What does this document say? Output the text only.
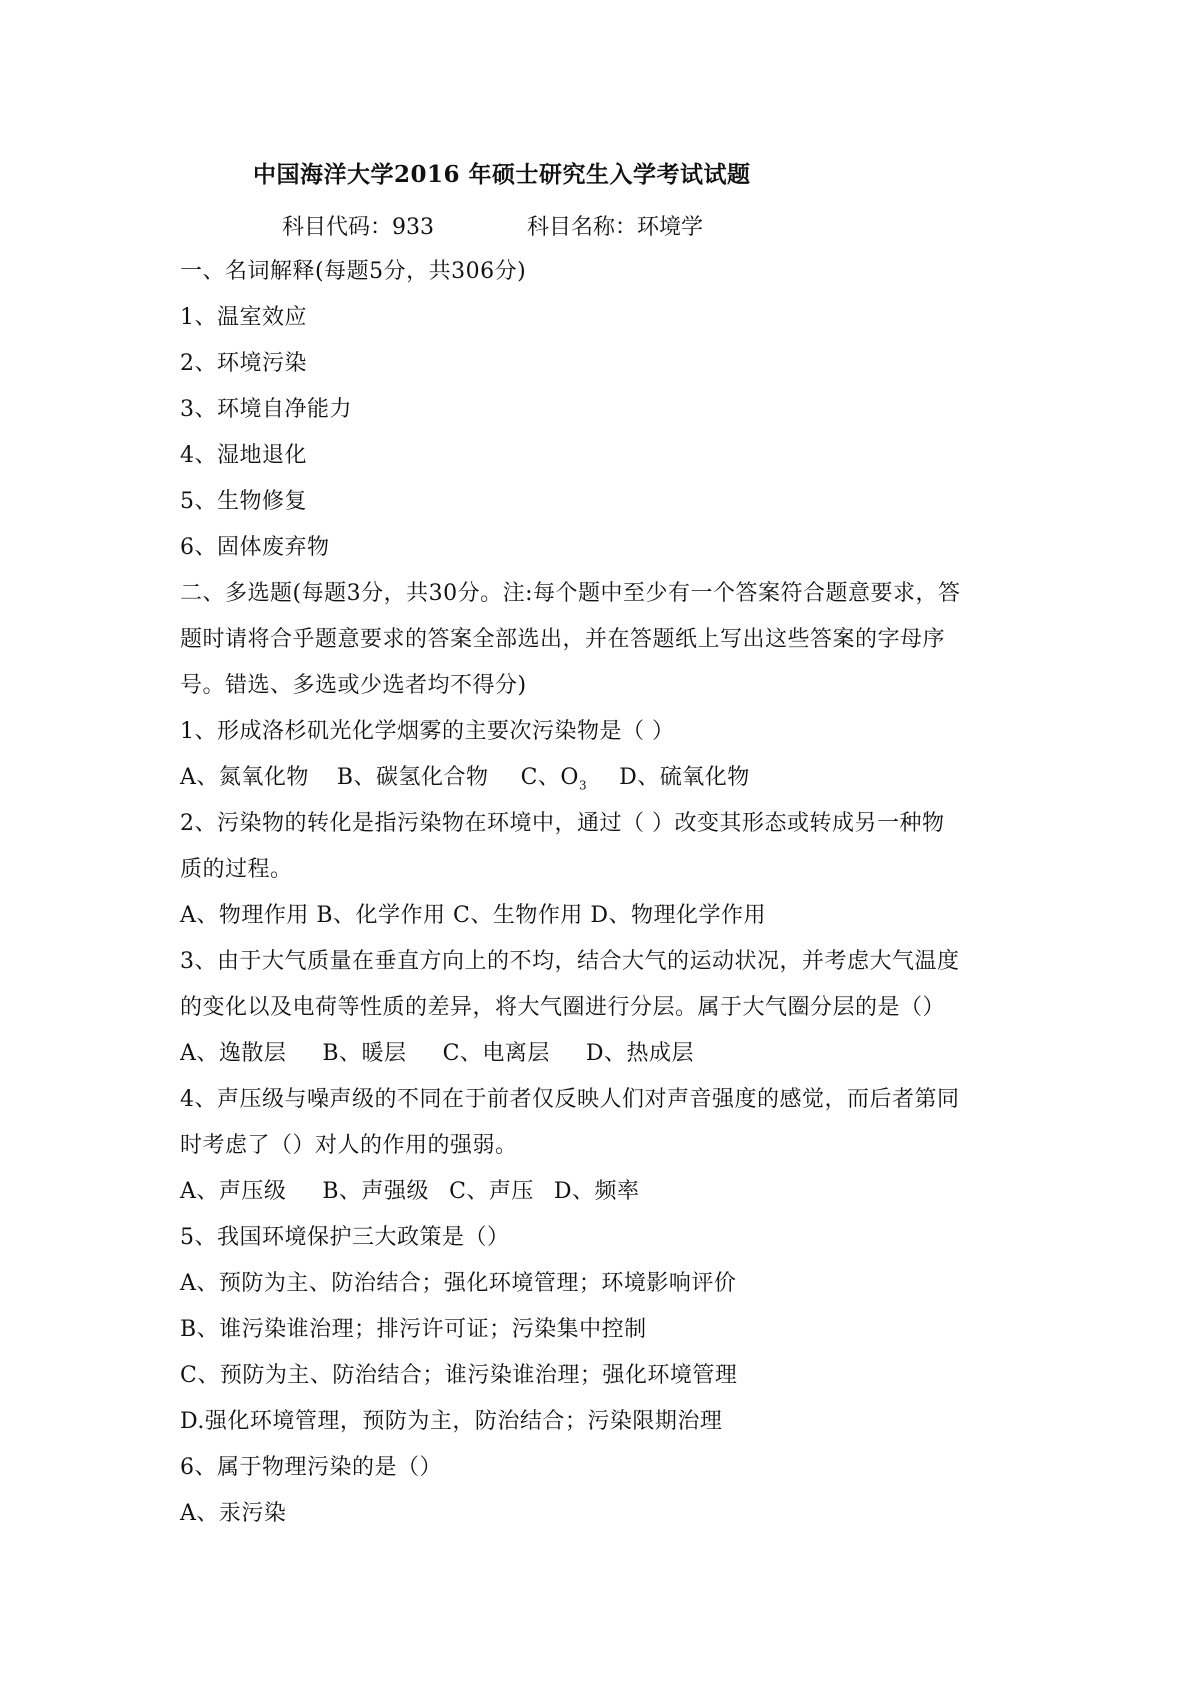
中国海洋大学2016 年硕士研究生入学考试试题
科目代码：933	科目名称：环境学
一、名词解释(每题5分，共306分)
1、温室效应
2、环境污染
3、环境自净能力
4、湿地退化
5、生物修复
6、固体废弃物
二、多选题(每题3分，共30分。注:每个题中至少有一个答案符合题意要求，答
题时请将合乎题意要求的答案全部选出，并在答题纸上写出这些答案的字母序
号。错选、多选或少选者均不得分)
1、形成洛杉矶光化学烟雾的主要次污染物是（ ）
A、氮氧化物 B、碳氢化合物 C、$O_3$ D、硫氧化物
2、污染物的转化是指污染物在环境中，通过（ ）改变其形态或转成另一种物
质的过程。
A、物理作用 B、化学作用 C、生物作用 D、物理化学作用
3、由于大气质量在垂直方向上的不均，结合大气的运动状况，并考虑大气温度
的变化以及电荷等性质的差异，将大气圈进行分层。属于大气圈分层的是（）
A、逸散层 B、暖层 C、电离层 D、热成层
4、声压级与噪声级的不同在于前者仅反映人们对声音强度的感觉，而后者第同
时考虑了（）对人的作用的强弱。
A、声压级 B、声强级 C、声压 D、频率
5、我国环境保护三大政策是（）
A、预防为主、防治结合；强化环境管理；环境影响评价
B、谁污染谁治理；排污许可证；污染集中控制
C、预防为主、防治结合；谁污染谁治理；强化环境管理
D.强化环境管理，预防为主，防治结合；污染限期治理
6、属于物理污染的是（）
A、汞污染
